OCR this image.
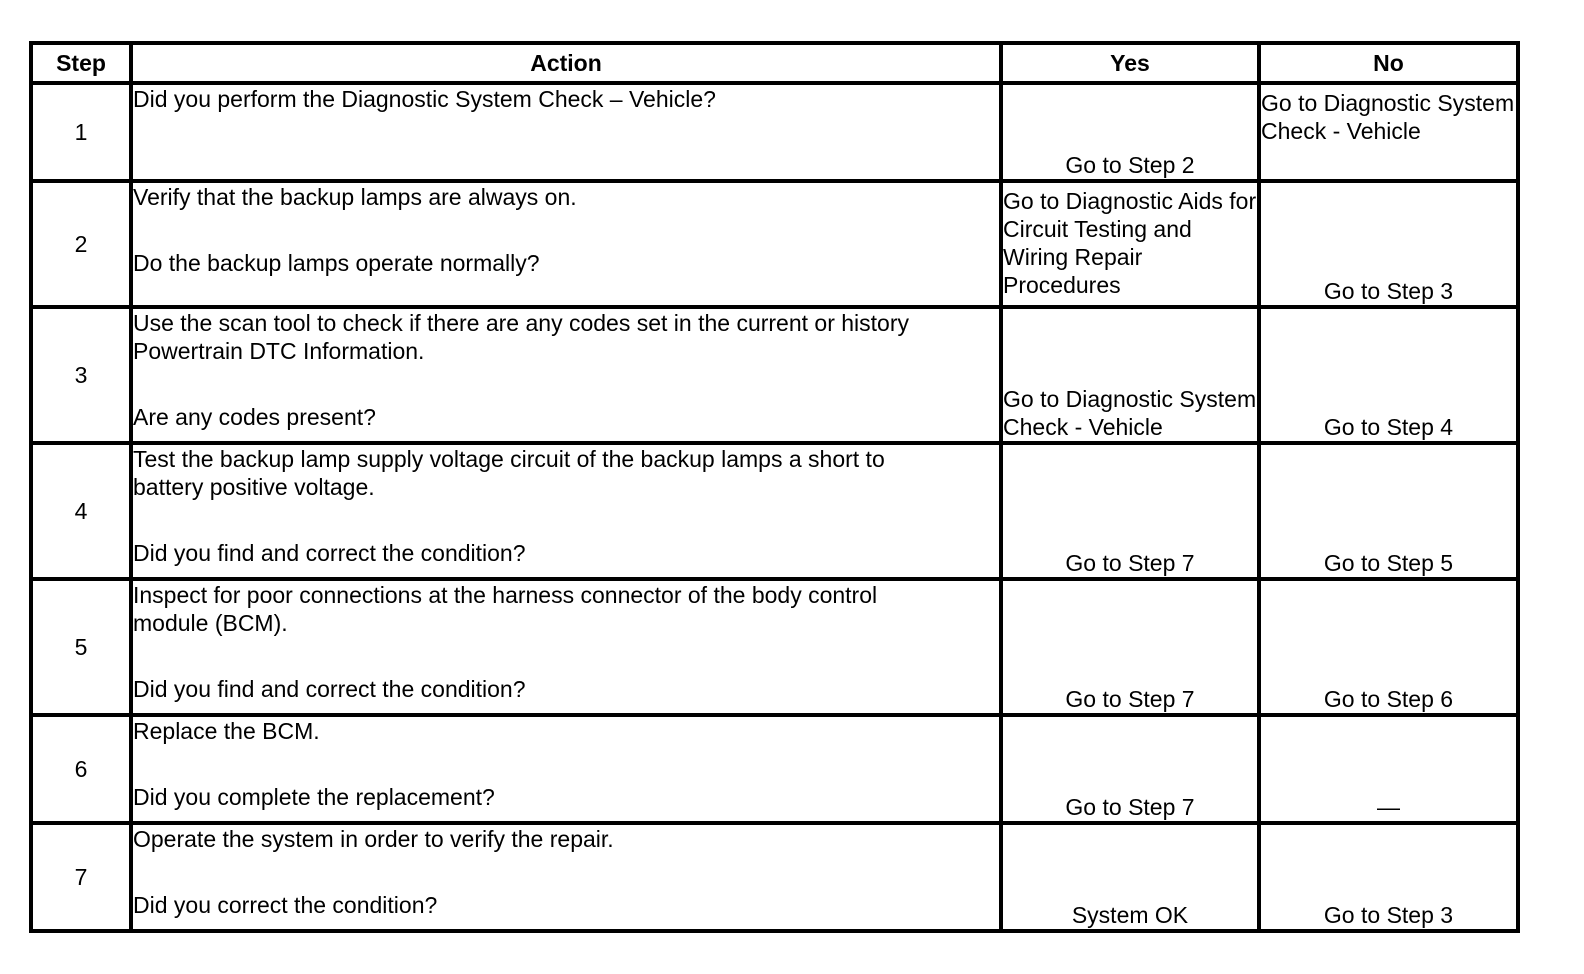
Step	Action	Yes	No
1	Did you perform the Diagnostic System Check – Vehicle?	Go to Step 2	Go to Diagnostic System Check - Vehicle
2	Verify that the backup lamps are always on.
Do the backup lamps operate normally?	Go to Diagnostic Aids for Circuit Testing and Wiring Repair Procedures	Go to Step 3
3	Use the scan tool to check if there are any codes set in the current or history
Powertrain DTC Information.
Are any codes present?	Go to Diagnostic System Check - Vehicle	Go to Step 4
4	Test the backup lamp supply voltage circuit of the backup lamps a short to
battery positive voltage.
Did you find and correct the condition?	Go to Step 7	Go to Step 5
5	Inspect for poor connections at the harness connector of the body control
module (BCM).
Did you find and correct the condition?	Go to Step 7	Go to Step 6
6	Replace the BCM.
Did you complete the replacement?	Go to Step 7	—
7	Operate the system in order to verify the repair.
Did you correct the condition?	System OK	Go to Step 3
